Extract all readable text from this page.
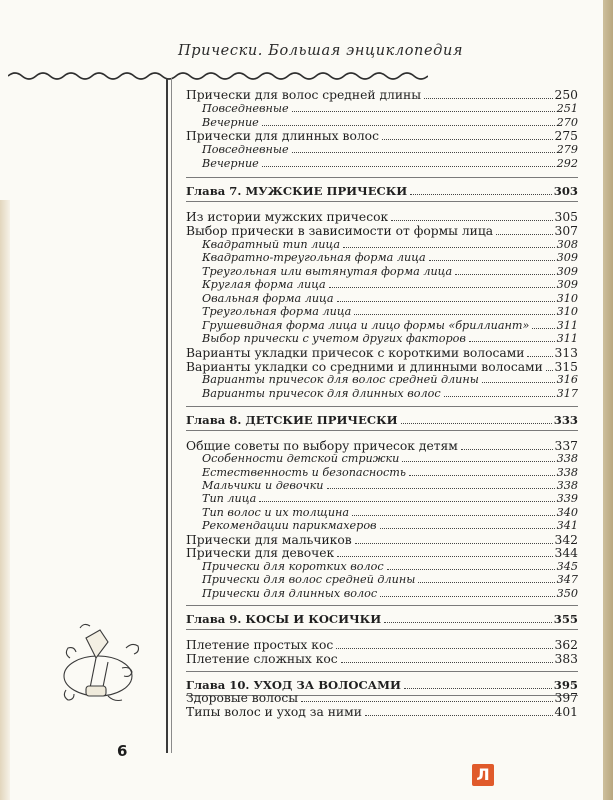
Прически. Большая энциклопедия
Прически для волос средней длины	250
Повседневные	251
Вечерние	270
Прически для длинных волос	275
Повседневные	279
Вечерние	292
Глава 7. МУЖСКИЕ ПРИЧЕСКИ	303
Из истории мужских причесок	305
Выбор прически в зависимости от формы лица	307
Квадратный тип лица	308
Квадратно-треугольная форма лица	309
Треугольная или вытянутая форма лица	309
Круглая форма лица	309
Овальная форма лица	310
Треугольная форма лица	310
Грушевидная форма лица и лицо формы «бриллиант» 311
Выбор прически с учетом других факторов	311
Варианты укладки причесок с короткими волосами 313
Варианты укладки со средними и длинными волосами 315
Варианты причесок для волос средней длины	316
Варианты причесок для длинных волос	317
Глава 8. ДЕТСКИЕ ПРИЧЕСКИ	333
Общие советы по выбору причесок детям	337
Особенности детской стрижки	338
Естественность и безопасность	338
Мальчики и девочки	338
Тип лица	339
Тип волос и их толщина	340
Рекомендации парикмахеров	341
Прически для мальчиков	342
Прически для девочек	344
Прически для коротких волос	345
Прически для волос средней длины	347
Прически для длинных волос	350
Глава 9. КОСЫ И КОСИЧКИ	355
Плетение простых кос	362
Плетение сложных кос	383
Глава 10. УХОД ЗА ВОЛОСАМИ	395
Здоровые волосы	397
Типы волос и уход за ними	401
6
Л
